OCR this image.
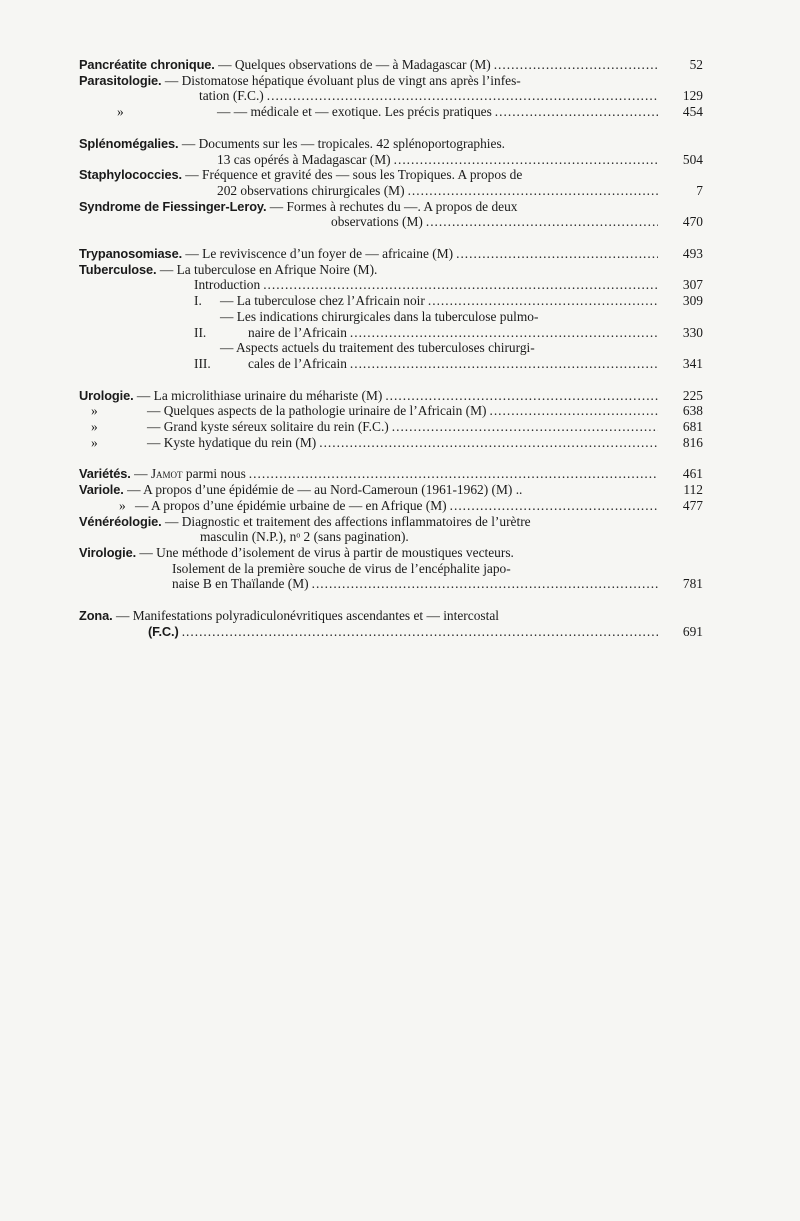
Pancréatite chronique. — Quelques observations de — à Madagascar (M) .....	52
Parasitologie. — Distomatose hépatique évoluant plus de vingt ans après l’infes-
tation (F.C.) .....	129
»	— — médicale et — exotique. Les précis pratiques .....	454
Splénomégalies. — Documents sur les — tropicales. 42 splénoportographies.
13 cas opérés à Madagascar (M) .....	504
Staphylococcies. — Fréquence et gravité des — sous les Tropiques. A propos de
202 observations chirurgicales (M) .....	7
Syndrome de Fiessinger-Leroy. — Formes à rechutes du —. A propos de deux
observations (M) .....	470
Trypanosomiase. — Le reviviscence d’un foyer de — africaine (M) .....	493
Tuberculose. — La tuberculose en Afrique Noire (M).
Introduction .....	307
I.	— La tuberculose chez l’Africain noir .....	309
II.
— Les indications chirurgicales dans la tuberculose pulmo-
naire de l’Africain .....	330
III.
— Aspects actuels du traitement des tuberculoses chirurgi-
cales de l’Africain .....	341
Urologie. — La microlithiase urinaire du méhariste (M) .....	225
»	— Quelques aspects de la pathologie urinaire de l’Africain (M) .....	638
»	— Grand kyste séreux solitaire du rein (F.C.) .....	681
»	— Kyste hydatique du rein (M) .....	816
Variétés. — Jamot parmi nous .....	461
Variole. — A propos d’une épidémie de — au Nord-Cameroun (1961-1962) (M) ..	112
» — A propos d’une épidémie urbaine de — en Afrique (M) .....	477
Vénéréologie. — Diagnostic et traitement des affections inflammatoires de l’urètre
masculin (N.P.), nᵒ 2 (sans pagination).
Virologie. — Une méthode d’isolement de virus à partir de moustiques vecteurs.
Isolement de la première souche de virus de l’encéphalite japo-
naise B en Thaïlande (M) .....	781
Zona. — Manifestations polyradiculonévritiques ascendantes et — intercostal
(F.C.) .....	691
